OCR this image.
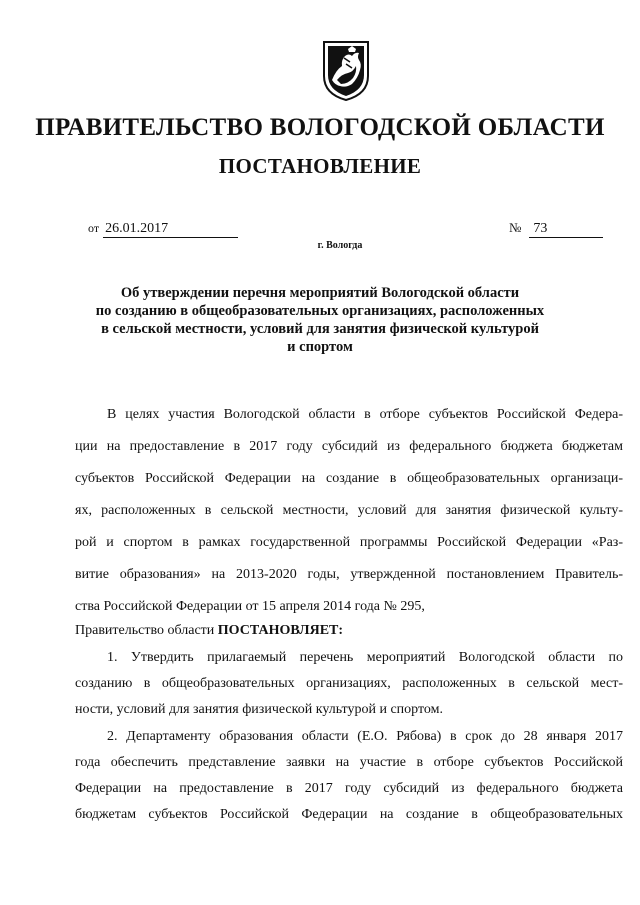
ПРАВИТЕЛЬСТВО ВОЛОГОДСКОЙ ОБЛАСТИ
ПОСТАНОВЛЕНИЕ
от 26.01.2017	№ 73
г. Вологда
Об утверждении перечня мероприятий Вологодской области
по созданию в общеобразовательных организациях, расположенных
в сельской местности, условий для занятия физической культурой
и спортом
В целях участия Вологодской области в отборе субъектов Российской Федера-
ции на предоставление в 2017 году субсидий из федерального бюджета бюджетам
субъектов Российской Федерации на создание в общеобразовательных организаци-
ях, расположенных в сельской местности, условий для занятия физической культу-
рой и спортом в рамках государственной программы Российской Федерации «Раз-
витие образования» на 2013-2020 годы, утвержденной постановлением Правитель-
ства Российской Федерации от 15 апреля 2014 года № 295,
Правительство области ПОСТАНОВЛЯЕТ:
1. Утвердить прилагаемый перечень мероприятий Вологодской области по
созданию в общеобразовательных организациях, расположенных в сельской мест-
ности, условий для занятия физической культурой и спортом.
2. Департаменту образования области (Е.О. Рябова) в срок до 28 января 2017
года обеспечить представление заявки на участие в отборе субъектов Российской
Федерации на предоставление в 2017 году субсидий из федерального бюджета
бюджетам субъектов Российской Федерации на создание в общеобразовательных
